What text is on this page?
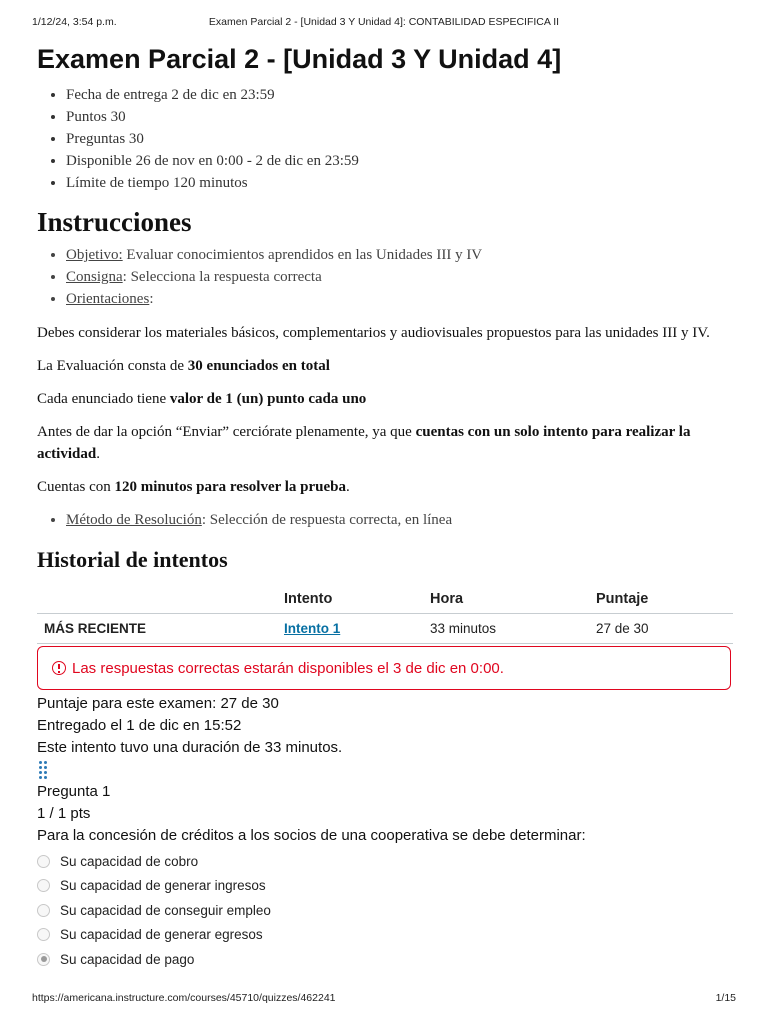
1/12/24, 3:54 p.m.	Examen Parcial 2 - [Unidad 3 Y Unidad 4]: CONTABILIDAD ESPECIFICA II
Examen Parcial 2 - [Unidad 3 Y Unidad 4]
• Fecha de entrega 2 de dic en 23:59
• Puntos 30
• Preguntas 30
• Disponible 26 de nov en 0:00 - 2 de dic en 23:59
• Límite de tiempo 120 minutos
Instrucciones
• Objetivo: Evaluar conocimientos aprendidos en las Unidades III y IV
• Consigna: Selecciona la respuesta correcta
• Orientaciones:

Debes considerar los materiales básicos, complementarios y audiovisuales propuestos para las unidades III y IV.

La Evaluación consta de 30 enunciados en total

Cada enunciado tiene valor de 1 (un) punto cada uno

Antes de dar la opción “Enviar” cerciórate plenamente, ya que cuentas con un solo intento para realizar la actividad.

Cuentas con 120 minutos para resolver la prueba.

• Método de Resolución: Selección de respuesta correcta, en línea
Historial de intentos
	Intento	Hora	Puntaje
MÁS RECIENTE	Intento 1	33 minutos	27 de 30
Las respuestas correctas estarán disponibles el 3 de dic en 0:00.
Puntaje para este examen: 27 de 30
Entregado el 1 de dic en 15:52
Este intento tuvo una duración de 33 minutos.
Pregunta 1
1 / 1 pts
Para la concesión de créditos a los socios de una cooperativa se debe determinar:
Su capacidad de cobro
Su capacidad de generar ingresos
Su capacidad de conseguir empleo
Su capacidad de generar egresos
Su capacidad de pago
https://americana.instructure.com/courses/45710/quizzes/462241	1/15
